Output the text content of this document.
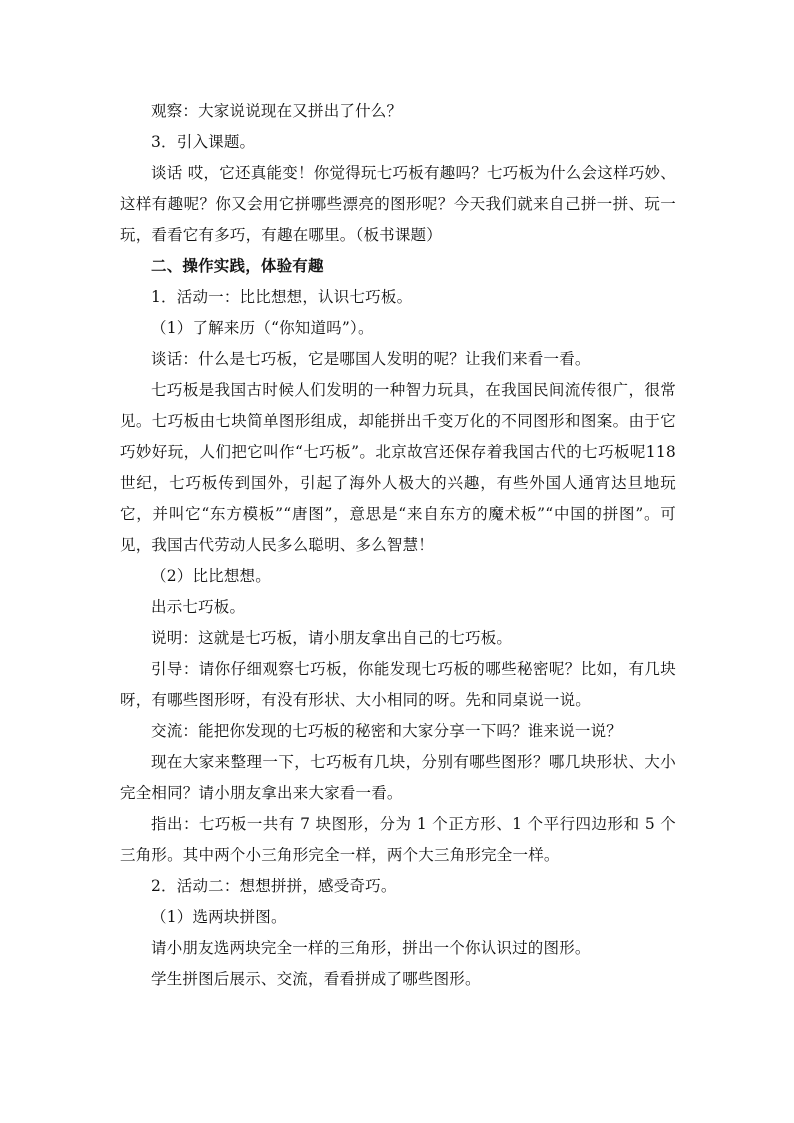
观察：大家说说现在又拼出了什么？

3．引入课题。

谈话 哎，它还真能变！你觉得玩七巧板有趣吗？七巧板为什么会这样巧妙、这样有趣呢？你又会用它拼哪些漂亮的图形呢？今天我们就来自己拼一拼、玩一玩，看看它有多巧，有趣在哪里。（板书课题）

二、操作实践，体验有趣

1．活动一：比比想想，认识七巧板。

（1）了解来历（“你知道吗”）。

谈话：什么是七巧板，它是哪国人发明的呢？让我们来看一看。

七巧板是我国古时候人们发明的一种智力玩具，在我国民间流传很广，很常见。七巧板由七块简单图形组成，却能拼出千变万化的不同图形和图案。由于它巧妙好玩，人们把它叫作“七巧板”。北京故宫还保存着我国古代的七巧板呢118世纪，七巧板传到国外，引起了海外人极大的兴趣，有些外国人通宵达旦地玩它，并叫它“东方模板”“唐图”，意思是“来自东方的魔术板”“中国的拼图”。可见，我国古代劳动人民多么聪明、多么智慧！

（2）比比想想。

出示七巧板。

说明：这就是七巧板，请小朋友拿出自己的七巧板。

引导：请你仔细观察七巧板，你能发现七巧板的哪些秘密呢？比如，有几块呀，有哪些图形呀，有没有形状、大小相同的呀。先和同桌说一说。

交流：能把你发现的七巧板的秘密和大家分享一下吗？谁来说一说？

现在大家来整理一下，七巧板有几块，分别有哪些图形？哪几块形状、大小完全相同？请小朋友拿出来大家看一看。

指出：七巧板一共有 7 块图形，分为 1 个正方形、1 个平行四边形和 5 个三角形。其中两个小三角形完全一样，两个大三角形完全一样。

2．活动二：想想拼拼，感受奇巧。

（1）选两块拼图。

请小朋友选两块完全一样的三角形，拼出一个你认识过的图形。

学生拼图后展示、交流，看看拼成了哪些图形。
